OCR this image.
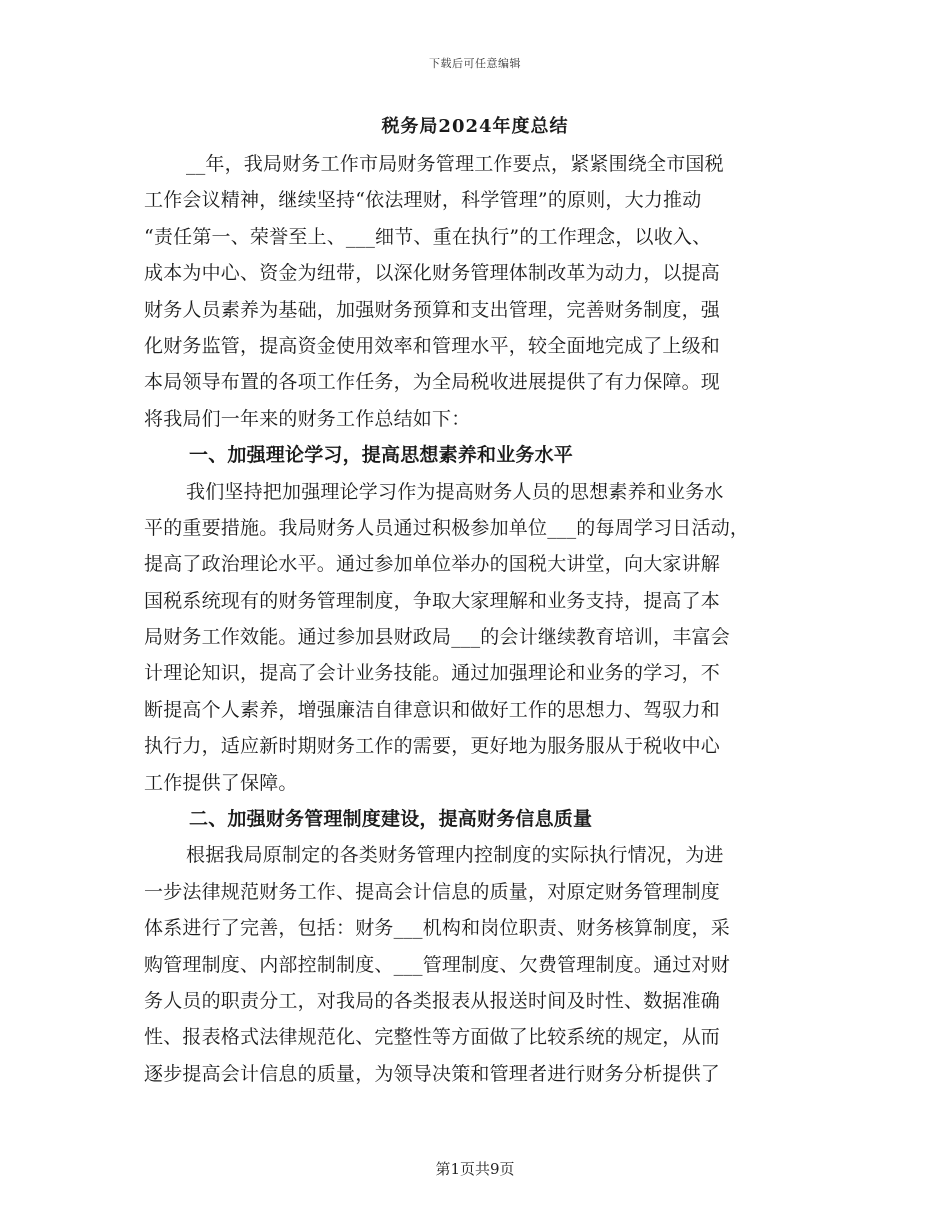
下载后可任意编辑
税务局2024年度总结
__年，我局财务工作市局财务管理工作要点，紧紧围绕全市国税
工作会议精神，继续坚持“依法理财，科学管理”的原则，大力推动
“责任第一、荣誉至上、___细节、重在执行”的工作理念，以收入、
成本为中心、资金为纽带，以深化财务管理体制改革为动力，以提高
财务人员素养为基础，加强财务预算和支出管理，完善财务制度，强
化财务监管，提高资金使用效率和管理水平，较全面地完成了上级和
本局领导布置的各项工作任务，为全局税收进展提供了有力保障。现
将我局们一年来的财务工作总结如下：
一、加强理论学习，提高思想素养和业务水平
我们坚持把加强理论学习作为提高财务人员的思想素养和业务水
平的重要措施。我局财务人员通过积极参加单位___的每周学习日活动，
提高了政治理论水平。通过参加单位举办的国税大讲堂，向大家讲解
国税系统现有的财务管理制度，争取大家理解和业务支持，提高了本
局财务工作效能。通过参加县财政局___的会计继续教育培训，丰富会
计理论知识，提高了会计业务技能。通过加强理论和业务的学习，不
断提高个人素养，增强廉洁自律意识和做好工作的思想力、驾驭力和
执行力，适应新时期财务工作的需要，更好地为服务服从于税收中心
工作提供了保障。
二、加强财务管理制度建设，提高财务信息质量
根据我局原制定的各类财务管理内控制度的实际执行情况，为进
一步法律规范财务工作、提高会计信息的质量，对原定财务管理制度
体系进行了完善，包括：财务___机构和岗位职责、财务核算制度，采
购管理制度、内部控制制度、___管理制度、欠费管理制度。通过对财
务人员的职责分工，对我局的各类报表从报送时间及时性、数据准确
性、报表格式法律规范化、完整性等方面做了比较系统的规定，从而
逐步提高会计信息的质量，为领导决策和管理者进行财务分析提供了
第1页共9页
